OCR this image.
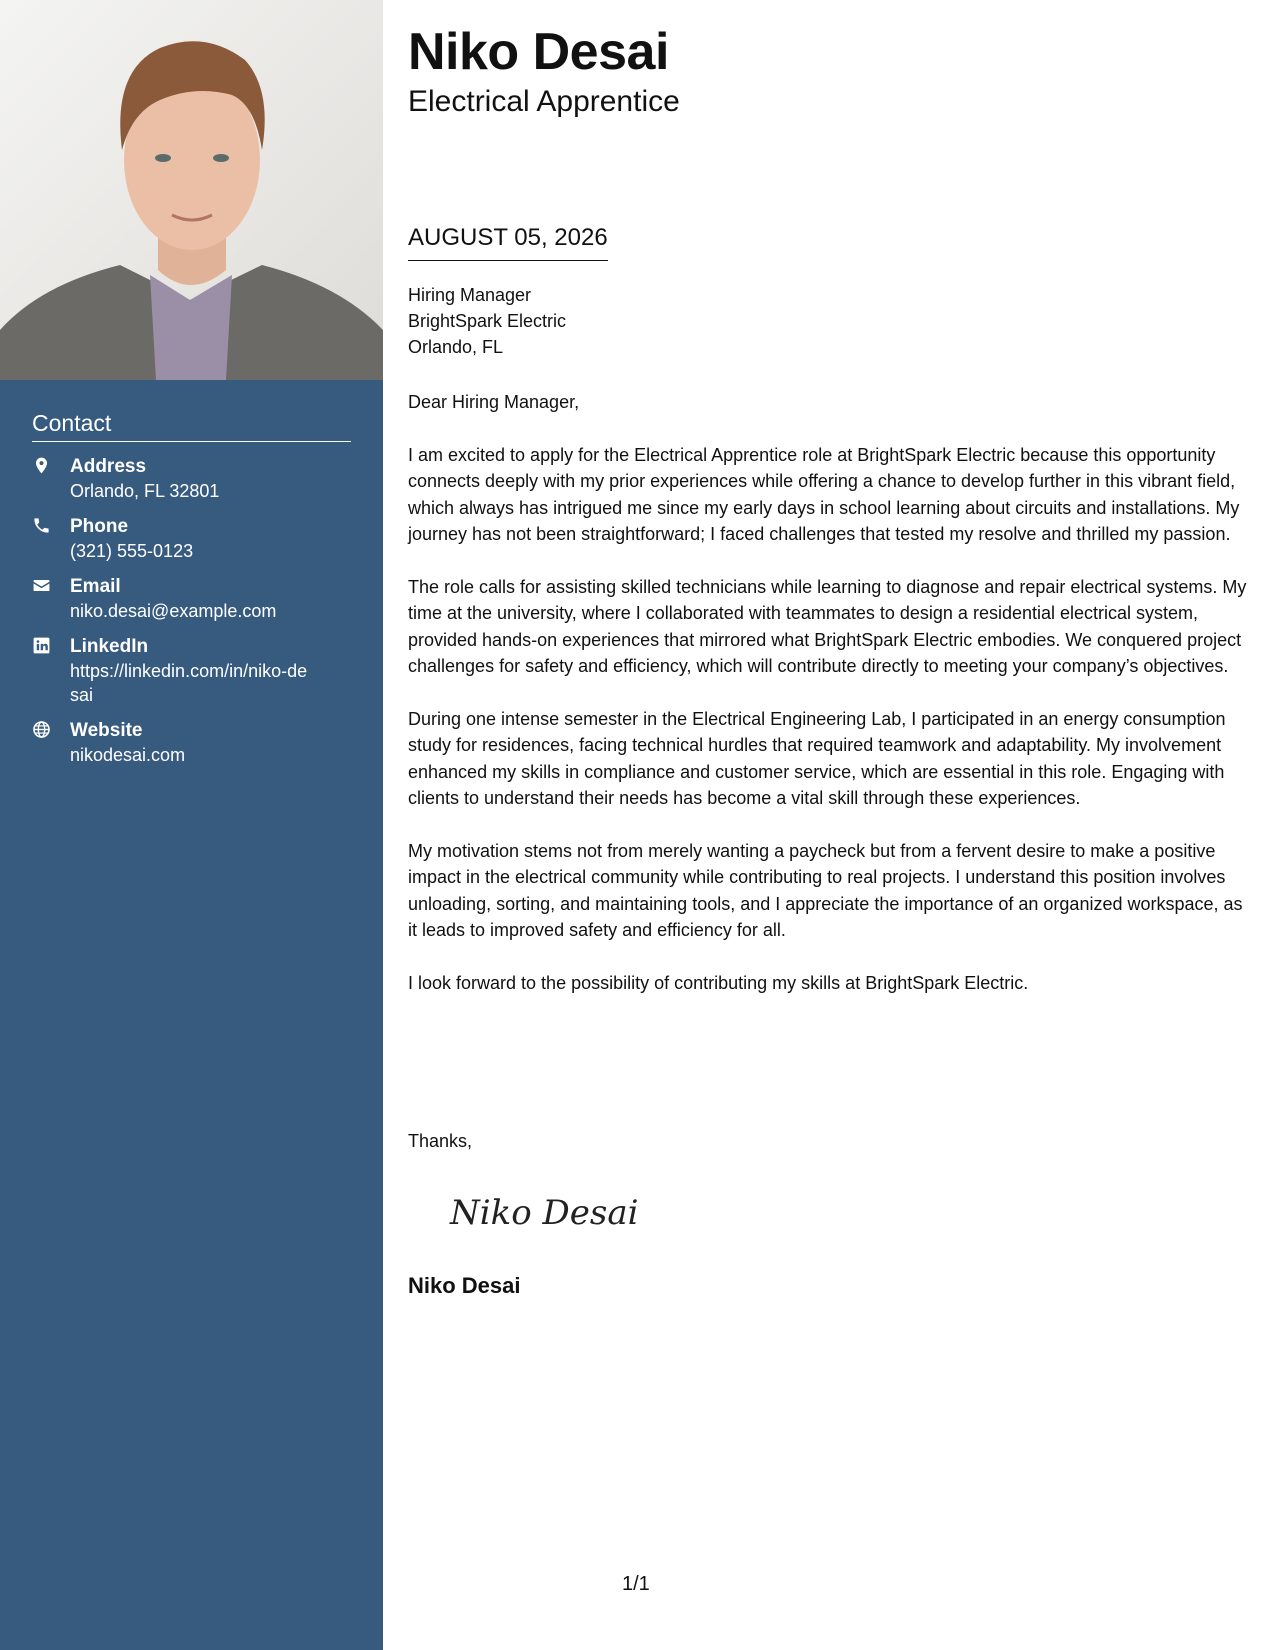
Contact
Address
Orlando, FL 32801
Phone
(321) 555-0123
Email
niko.desai@example.com
LinkedIn
https://linkedin.com/in/niko-desai
Website
nikodesai.com
Niko Desai
Electrical Apprentice
AUGUST 05, 2026
Hiring Manager
BrightSpark Electric
Orlando, FL

Dear Hiring Manager,

I am excited to apply for the Electrical Apprentice role at BrightSpark Electric because this opportunity connects deeply with my prior experiences while offering a chance to develop further in this vibrant field, which always has intrigued me since my early days in school learning about circuits and installations. My journey has not been straightforward; I faced challenges that tested my resolve and thrilled my passion.

The role calls for assisting skilled technicians while learning to diagnose and repair electrical systems. My time at the university, where I collaborated with teammates to design a residential electrical system, provided hands-on experiences that mirrored what BrightSpark Electric embodies. We conquered project challenges for safety and efficiency, which will contribute directly to meeting your company’s objectives.

During one intense semester in the Electrical Engineering Lab, I participated in an energy consumption study for residences, facing technical hurdles that required teamwork and adaptability. My involvement enhanced my skills in compliance and customer service, which are essential in this role. Engaging with clients to understand their needs has become a vital skill through these experiences.

My motivation stems not from merely wanting a paycheck but from a fervent desire to make a positive impact in the electrical community while contributing to real projects. I understand this position involves unloading, sorting, and maintaining tools, and I appreciate the importance of an organized workspace, as it leads to improved safety and efficiency for all.

I look forward to the possibility of contributing my skills at BrightSpark Electric.

Thanks,
Niko Desai
Niko Desai
1/1
